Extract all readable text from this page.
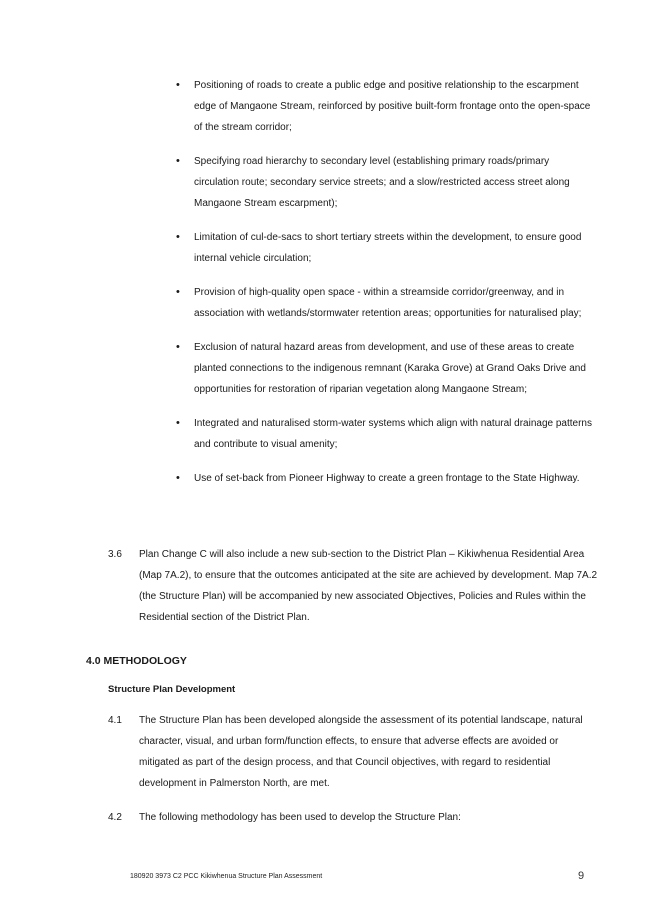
• Positioning of roads to create a public edge and positive relationship to the escarpment edge of Mangaone Stream, reinforced by positive built-form frontage onto the open-space of the stream corridor;
• Specifying road hierarchy to secondary level (establishing primary roads/primary circulation route; secondary service streets; and a slow/restricted access street along Mangaone Stream escarpment);
• Limitation of cul-de-sacs to short tertiary streets within the development, to ensure good internal vehicle circulation;
• Provision of high-quality open space - within a streamside corridor/greenway, and in association with wetlands/stormwater retention areas; opportunities for naturalised play;
• Exclusion of natural hazard areas from development, and use of these areas to create planted connections to the indigenous remnant (Karaka Grove) at Grand Oaks Drive and opportunities for restoration of riparian vegetation along Mangaone Stream;
• Integrated and naturalised storm-water systems which align with natural drainage patterns and contribute to visual amenity;
• Use of set-back from Pioneer Highway to create a green frontage to the State Highway.
3.6 Plan Change C will also include a new sub-section to the District Plan – Kikiwhenua Residential Area (Map 7A.2), to ensure that the outcomes anticipated at the site are achieved by development. Map 7A.2 (the Structure Plan) will be accompanied by new associated Objectives, Policies and Rules within the Residential section of the District Plan.
4.0 METHODOLOGY
Structure Plan Development
4.1 The Structure Plan has been developed alongside the assessment of its potential landscape, natural character, visual, and urban form/function effects, to ensure that adverse effects are avoided or mitigated as part of the design process, and that Council objectives, with regard to residential development in Palmerston North, are met.
4.2 The following methodology has been used to develop the Structure Plan:
180920 3973 C2 PCC Kikiwhenua Structure Plan Assessment	9
